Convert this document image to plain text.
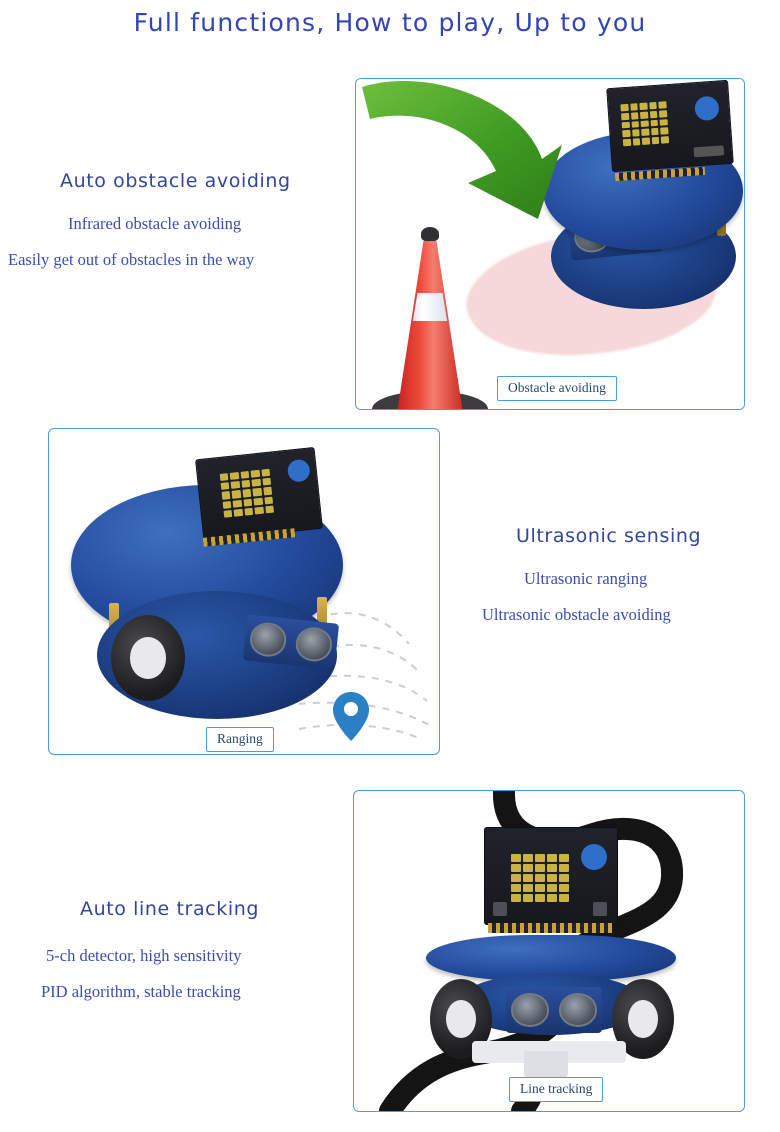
Full functions, How to play, Up to you
Auto obstacle avoiding
Infrared obstacle avoiding
Easily get out of obstacles in the way
Obstacle avoiding
Ultrasonic sensing
Ultrasonic ranging
Ultrasonic obstacle avoiding
Ranging
Auto line tracking
5-ch detector, high sensitivity
PID algorithm, stable tracking
Line tracking
